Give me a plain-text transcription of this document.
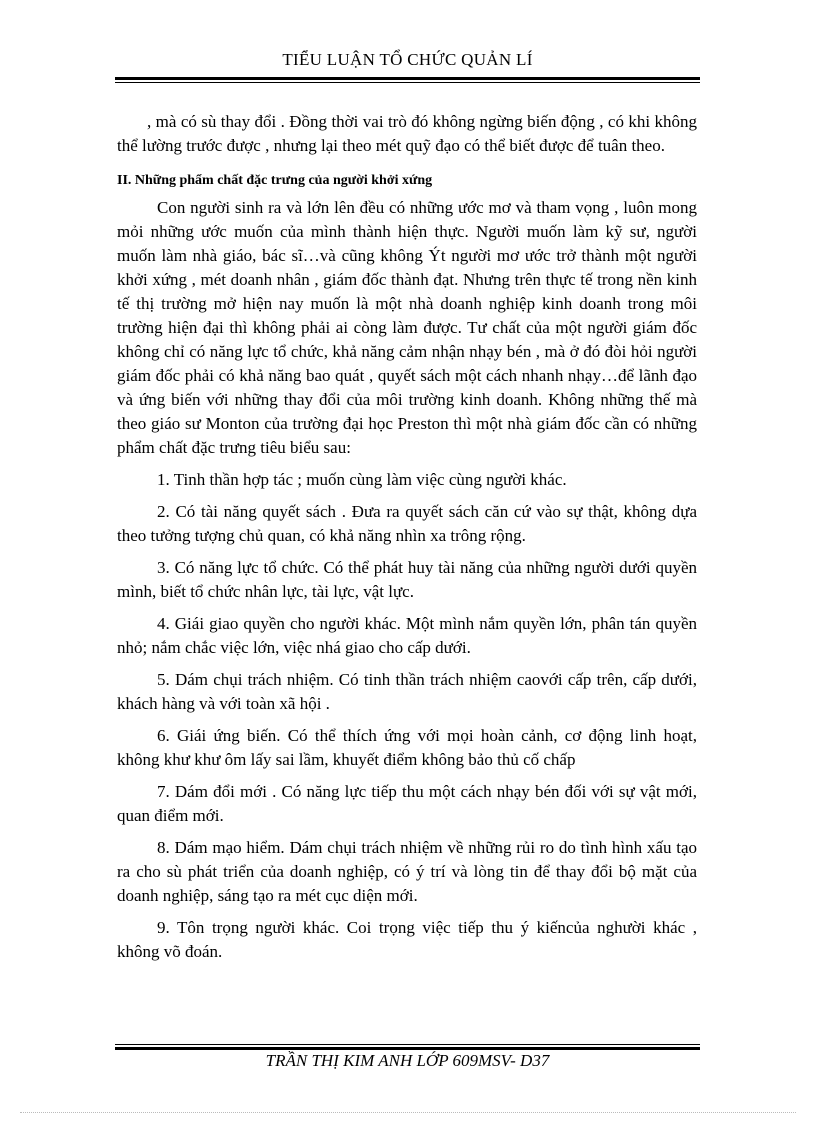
TIỂU LUẬN TỔ CHỨC QUẢN LÍ

, mà có sù thay đổi . Đồng thời vai trò đó không ngừng biến động , có khi không thể lường trước được , nhưng lại theo mét quỹ đạo có thể biết được để tuân theo.

II. Những phẩm chất đặc trưng của người khởi xứng

Con người sinh ra và lớn lên đều có những ước mơ và tham vọng , luôn mong mỏi những ước muốn của mình thành hiện thực. Người muốn làm kỹ sư, người muốn làm nhà giáo, bác sĩ…và cũng không Ýt người mơ ước trở thành một người khởi xứng , mét doanh nhân , giám đốc thành đạt. Nhưng trên thực tế trong nền kinh tế thị trường mở hiện nay muốn là một nhà doanh nghiệp kinh doanh trong môi trường hiện đại thì không phải ai còng làm được. Tư chất của một người giám đốc không chỉ có năng lực tổ chức, khả năng cảm nhận nhạy bén , mà ở đó đòi hỏi người giám đốc phải có khả năng bao quát , quyết sách một cách nhanh nhạy…để lãnh đạo và ứng biến với những thay đổi của môi trường kinh doanh. Không những thế mà theo giáo sư Monton của trường đại học Preston thì một nhà giám đốc cần có những phẩm chất đặc trưng tiêu biểu sau:

1. Tinh thần hợp tác ; muốn cùng làm việc cùng người khác.

2. Có tài năng quyết sách . Đưa ra quyết sách căn cứ vào sự thật, không dựa theo tưởng tượng chủ quan, có khả năng nhìn xa trông rộng.

3. Có năng lực tổ chức. Có thể phát huy tài năng của những người dưới quyền mình, biết tổ chức nhân lực, tài lực, vật lực.

4. Giái giao quyền cho người khác. Một mình nắm quyền lớn, phân tán quyền nhỏ; nắm chắc việc lớn, việc nhá giao cho cấp dưới.

5. Dám chụi trách nhiệm. Có tinh thần trách nhiệm caovới cấp trên, cấp dưới, khách hàng và với toàn xã hội .

6. Giái ứng biến. Có thể thích ứng với mọi hoàn cảnh, cơ động linh hoạt, không khư khư ôm lấy sai lầm, khuyết điểm không bảo thủ cố chấp

7. Dám đổi mới . Có năng lực tiếp thu một cách nhạy bén đối với sự vật mới, quan điểm mới.

8. Dám mạo hiểm. Dám chụi trách nhiệm về những rủi ro do tình hình xấu tạo ra cho sù phát triển của doanh nghiệp, có ý trí và lòng tin để thay đổi bộ mặt của doanh nghiệp, sáng tạo ra mét cục diện mới.

9. Tôn trọng người khác. Coi trọng việc tiếp thu ý kiếncủa nghười khác , không võ đoán.

TRẦN THỊ KIM ANH LỚP 609MSV- D37
